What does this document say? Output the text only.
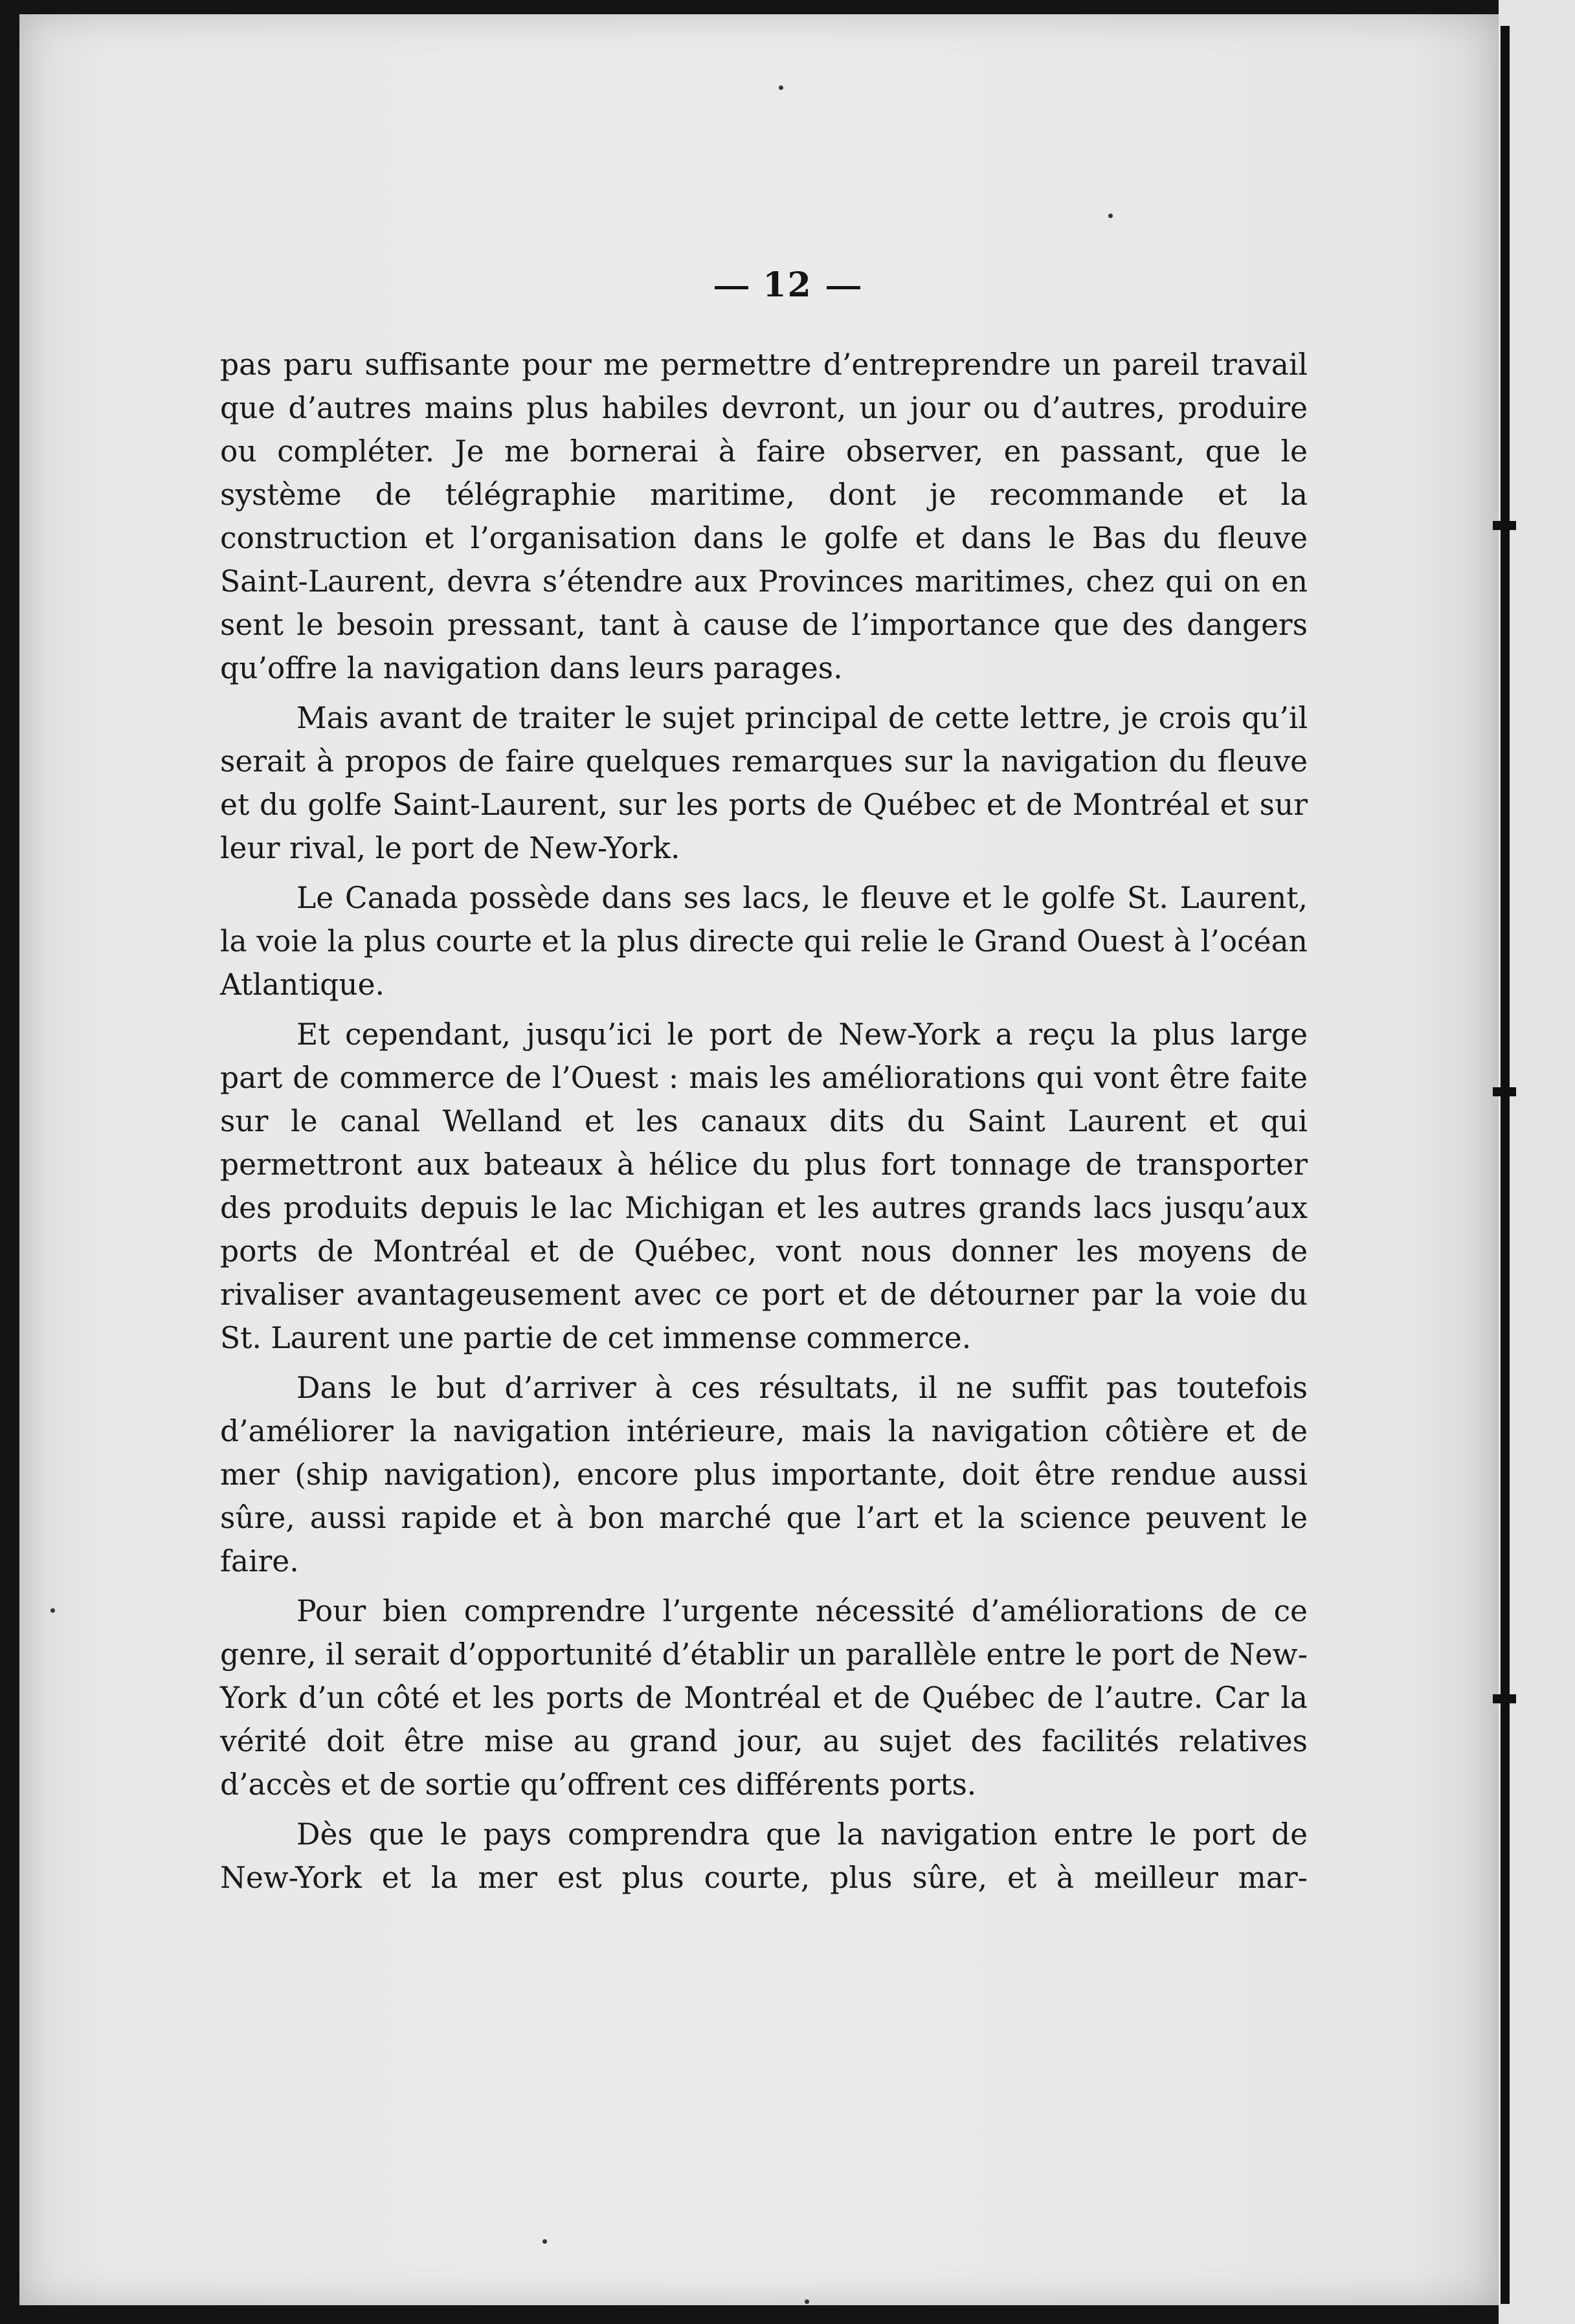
12

pas paru suffisante pour me permettre d’entreprendre un pareil travail que d’autres mains plus habiles devront, un jour ou d’autres, produire ou compléter. Je me bornerai à faire observer, en passant, que le système de télégraphie maritime, dont je recommande et la construction et l’organisation dans le golfe et dans le Bas du fleuve Saint-Laurent, devra s’étendre aux Provinces maritimes, chez qui on en sent le besoin pressant, tant à cause de l’importance que des dangers qu’offre la navigation dans leurs parages.

Mais avant de traiter le sujet principal de cette lettre, je crois qu’il serait à propos de faire quelques remarques sur la navigation du fleuve et du golfe Saint-Laurent, sur les ports de Québec et de Montréal et sur leur rival, le port de New-York.

Le Canada possède dans ses lacs, le fleuve et le golfe St. Laurent, la voie la plus courte et la plus directe qui relie le Grand Ouest à l’océan Atlantique.

Et cependant, jusqu’ici le port de New-York a reçu la plus large part de commerce de l’Ouest : mais les améliorations qui vont être faite sur le canal Welland et les canaux dits du Saint Laurent et qui permettront aux bateaux à hélice du plus fort tonnage de transporter des produits depuis le lac Michigan et les autres grands lacs jusqu’aux ports de Montréal et de Québec, vont nous donner les moyens de rivaliser avantageusement avec ce port et de détourner par la voie du St. Laurent une partie de cet immense commerce.

Dans le but d’arriver à ces résultats, il ne suffit pas toutefois d’améliorer la navigation intérieure, mais la navigation côtière et de mer (ship navigation), encore plus importante, doit être rendue aussi sûre, aussi rapide et à bon marché que l’art et la science peuvent le faire.

Pour bien comprendre l’urgente nécessité d’améliorations de ce genre, il serait d’opportunité d’établir un parallèle entre le port de New-York d’un côté et les ports de Montréal et de Québec de l’autre. Car la vérité doit être mise au grand jour, au sujet des facilités relatives d’accès et de sortie qu’offrent ces différents ports.

Dès que le pays comprendra que la navigation entre le port de New-York et la mer est plus courte, plus sûre, et à meilleur mar-
